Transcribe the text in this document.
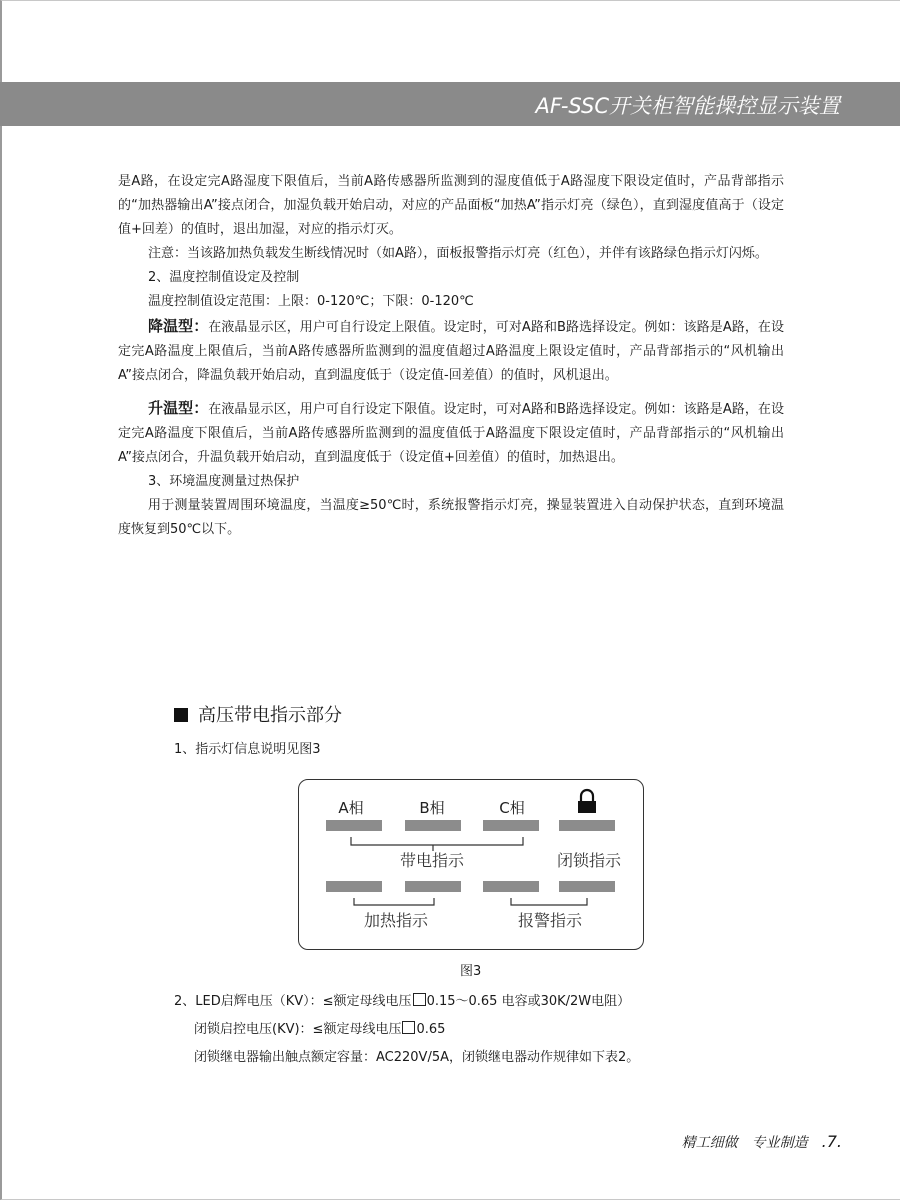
AF-SSC开关柜智能操控显示装置

是A路，在设定完A路湿度下限值后，当前A路传感器所监测到的湿度值低于A路湿度下限设定值时，产品背部指示的“加热器输出A”接点闭合，加湿负载开始启动，对应的产品面板“加热A”指示灯亮（绿色），直到湿度值高于（设定值+回差）的值时，退出加湿，对应的指示灯灭。

注意：当该路加热负载发生断线情况时（如A路），面板报警指示灯亮（红色），并伴有该路绿色指示灯闪烁。

2、温度控制值设定及控制

温度控制值设定范围：上限：0-120℃；下限：0-120℃

降温型：在液晶显示区，用户可自行设定上限值。设定时，可对A路和B路选择设定。例如：该路是A路，在设定完A路温度上限值后，当前A路传感器所监测到的温度值超过A路温度上限设定值时，产品背部指示的“风机输出A”接点闭合，降温负载开始启动，直到温度低于（设定值-回差值）的值时，风机退出。

升温型：在液晶显示区，用户可自行设定下限值。设定时，可对A路和B路选择设定。例如：该路是A路，在设定完A路温度下限值后，当前A路传感器所监测到的温度值低于A路温度下限设定值时，产品背部指示的“风机输出A”接点闭合，升温负载开始启动，直到温度低于（设定值+回差值）的值时，加热退出。

3、环境温度测量过热保护

用于测量装置周围环境温度，当温度≥50℃时，系统报警指示灯亮，操显装置进入自动保护状态，直到环境温度恢复到50℃以下。

高压带电指示部分
1、指示灯信息说明见图3
A相	B相	C相
带电指示	闭锁指示
加热指示	报警指示
图3
2、LED启辉电压（KV）：≤额定母线电压 0.15～0.65 电容或30K/2W电阻）
闭锁启控电压(KV)：≤额定母线电压 0.65
闭锁继电器输出触点额定容量：AC220V/5A，闭锁继电器动作规律如下表2。
精工细做 专业制造 .7.
